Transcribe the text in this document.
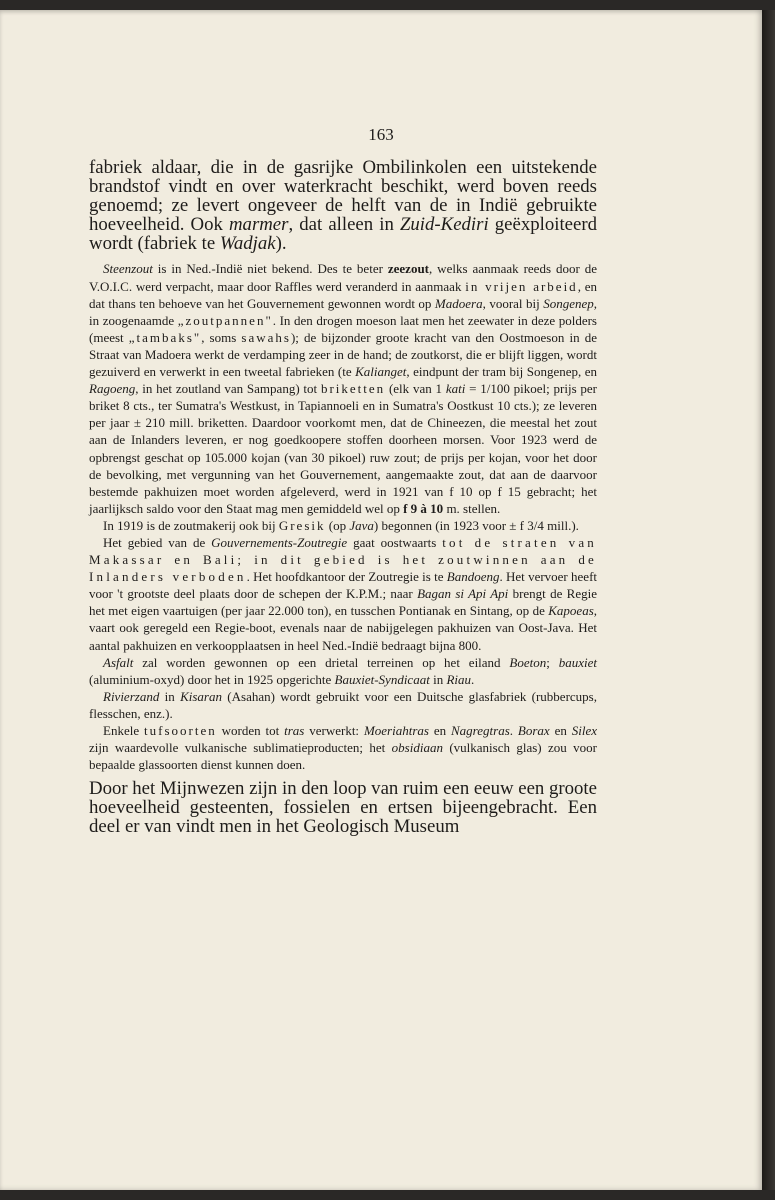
163

fabriek aldaar, die in de gasrijke Ombilinkolen een uitstekende brandstof vindt en over waterkracht beschikt, werd boven reeds genoemd; ze levert ongeveer de helft van de in Indië gebruikte hoeveelheid. Ook marmer, dat alleen in Zuid-Kediri geëxploiteerd wordt (fabriek te Wadjak).

Steenzout is in Ned.-Indië niet bekend. Des te beter zeezout, welks aanmaak reeds door de V.O.I.C. werd verpacht, maar door Raffles werd veranderd in aanmaak in vrijen arbeid, en dat thans ten behoeve van het Gouvernement gewonnen wordt op Madoera, vooral bij Songenep, in zoogenaamde „zoutpannen". In den drogen moeson laat men het zeewater in deze polders (meest „tambaks", soms sawahs); de bijzonder groote kracht van den Oostmoeson in de Straat van Madoera werkt de verdamping zeer in de hand; de zoutkorst, die er blijft liggen, wordt gezuiverd en verwerkt in een tweetal fabrieken (te Kalianget, eindpunt der tram bij Songenep, en Ragoeng, in het zoutland van Sampang) tot briketten (elk van 1 kati = 1/100 pikoel; prijs per briket 8 cts., ter Sumatra's Westkust, in Tapiannoeli en in Sumatra's Oostkust 10 cts.); ze leveren per jaar ± 210 mill. briketten. Daardoor voorkomt men, dat de Chineezen, die meestal het zout aan de Inlanders leveren, er nog goedkoopere stoffen doorheen morsen. Voor 1923 werd de opbrengst geschat op 105.000 kojan (van 30 pikoel) ruw zout; de prijs per kojan, voor het door de bevolking, met vergunning van het Gouvernement, aangemaakte zout, dat aan de daarvoor bestemde pakhuizen moet worden afgeleverd, werd in 1921 van f 10 op f 15 gebracht; het jaarlijksch saldo voor den Staat mag men gemiddeld wel op f 9 à 10 m. stellen.

In 1919 is de zoutmakerij ook bij Gresik (op Java) begonnen (in 1923 voor ± f 3/4 mill.).

Het gebied van de Gouvernements-Zoutregie gaat oostwaarts tot de straten van Makassar en Bali; in dit gebied is het zoutwinnen aan de Inlanders verboden. Het hoofdkantoor der Zoutregie is te Bandoeng. Het vervoer heeft voor 't grootste deel plaats door de schepen der K.P.M.; naar Bagan si Api Api brengt de Regie het met eigen vaartuigen (per jaar 22.000 ton), en tusschen Pontianak en Sintang, op de Kapoeas, vaart ook geregeld een Regie-boot, evenals naar de nabijgelegen pakhuizen van Oost-Java. Het aantal pakhuizen en verkoopplaatsen in heel Ned.-Indië bedraagt bijna 800.

Asfalt zal worden gewonnen op een drietal terreinen op het eiland Boeton; bauxiet (aluminium-oxyd) door het in 1925 opgerichte Bauxiet-Syndicaat in Riau.

Rivierzand in Kisaran (Asahan) wordt gebruikt voor een Duitsche glasfabriek (rubbercups, flesschen, enz.).

Enkele tufsoorten worden tot tras verwerkt: Moeriahtras en Nagregtras. Borax en Silex zijn waardevolle vulkanische sublimatieproducten; het obsidiaan (vulkanisch glas) zou voor bepaalde glassoorten dienst kunnen doen.

Door het Mijnwezen zijn in den loop van ruim een eeuw een groote hoeveelheid gesteenten, fossielen en ertsen bijeengebracht. Een deel er van vindt men in het Geologisch Museum
